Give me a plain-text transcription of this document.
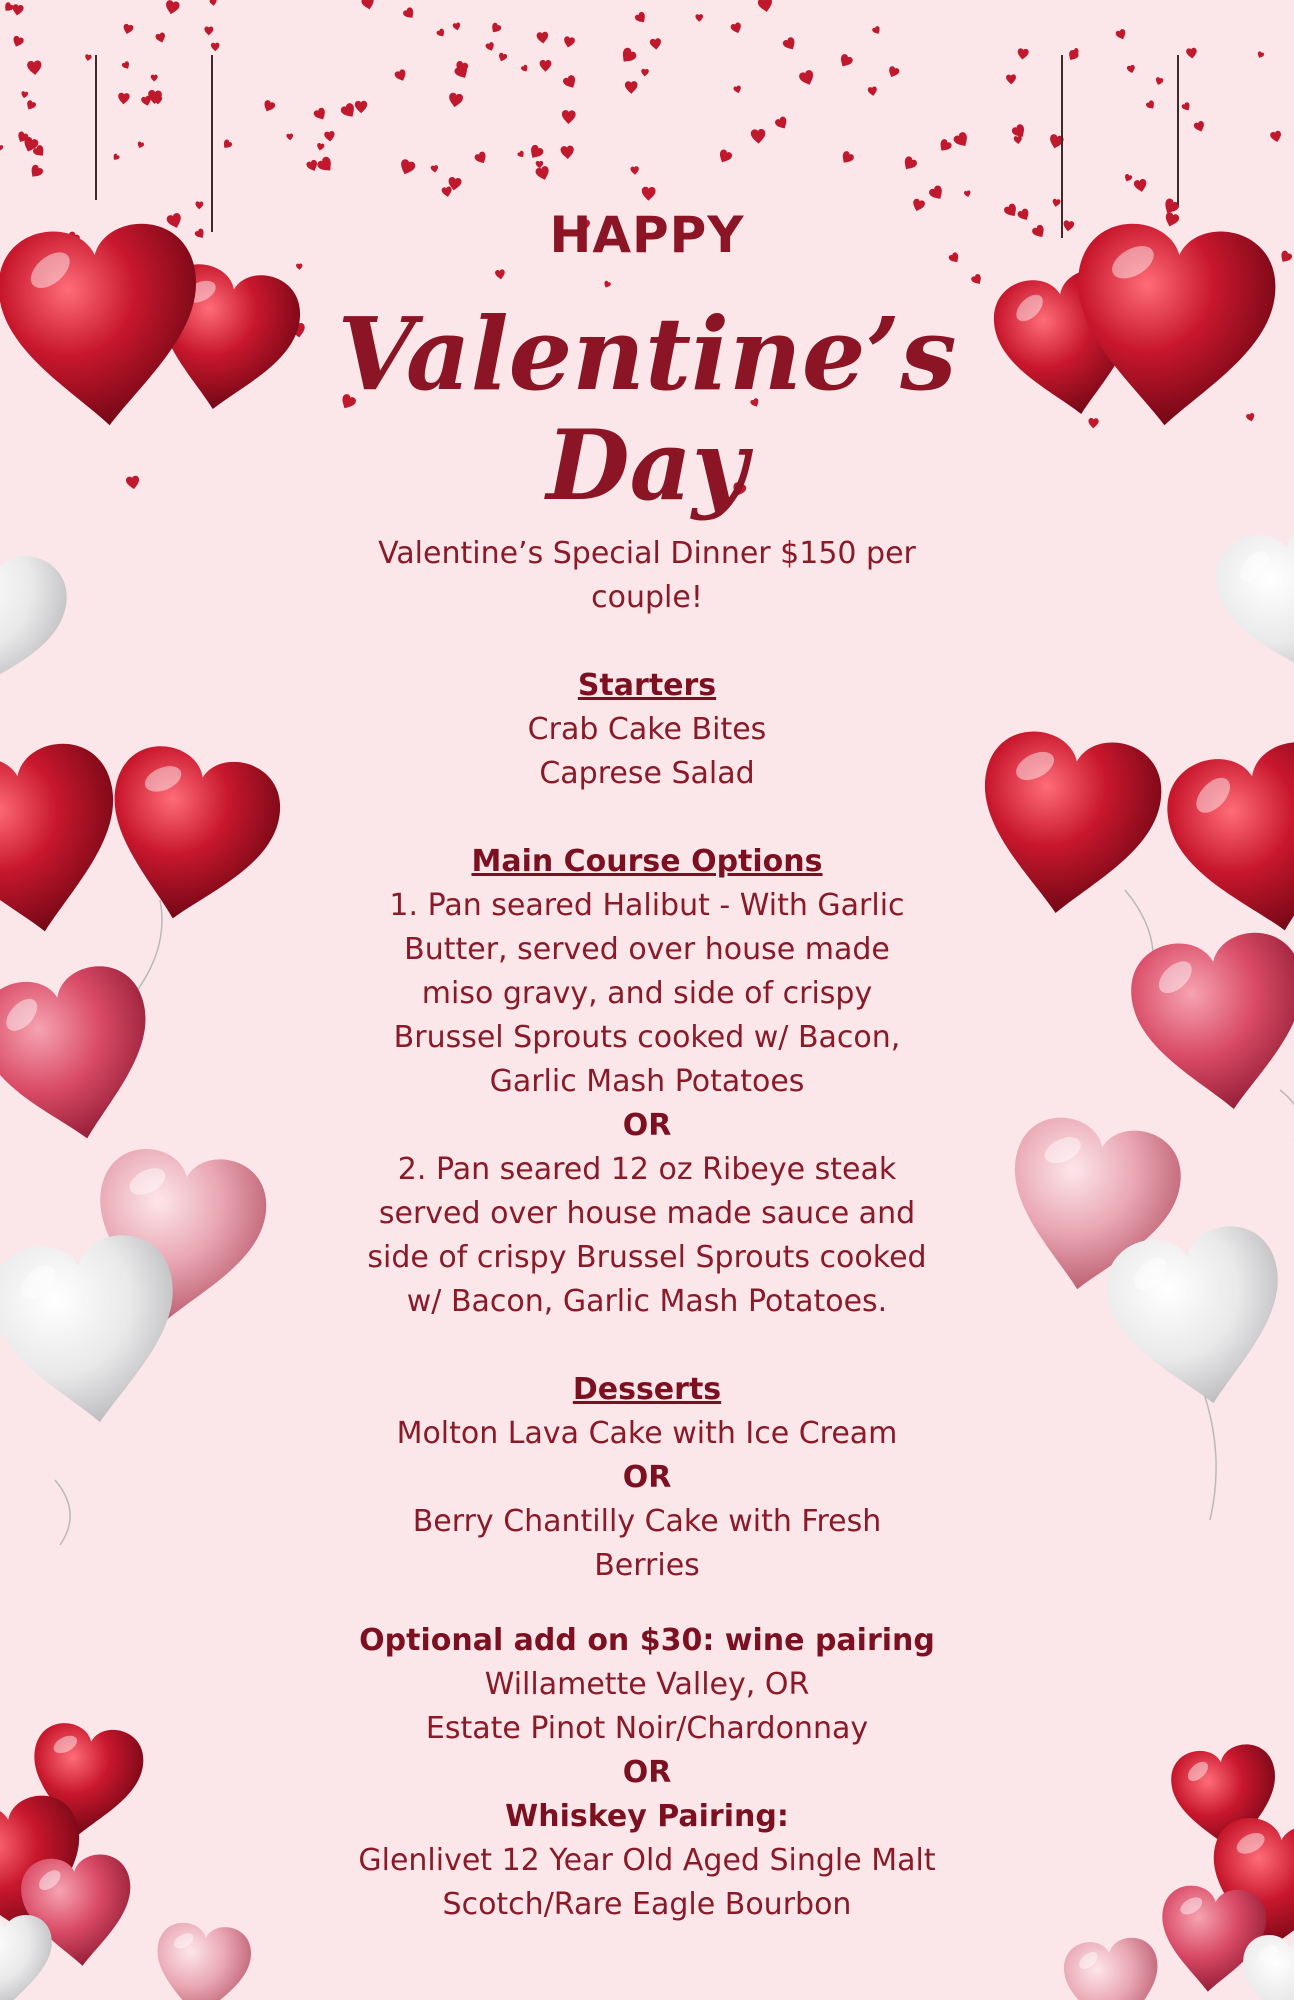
HAPPY
Valentine’s
Day
Valentine’s Special Dinner $150 per
couple!
Starters
Crab Cake Bites
Caprese Salad
Main Course Options
1. Pan seared Halibut - With Garlic
Butter, served over house made
miso gravy, and side of crispy
Brussel Sprouts cooked w/ Bacon,
Garlic Mash Potatoes
OR
2. Pan seared 12 oz Ribeye steak
served over house made sauce and
side of crispy Brussel Sprouts cooked
w/ Bacon, Garlic Mash Potatoes.
Desserts
Molton Lava Cake with Ice Cream
OR
Berry Chantilly Cake with Fresh
Berries
Optional add on $30: wine pairing
Willamette Valley, OR
Estate Pinot Noir/Chardonnay
OR
Whiskey Pairing:
Glenlivet 12 Year Old Aged Single Malt
Scotch/Rare Eagle Bourbon
